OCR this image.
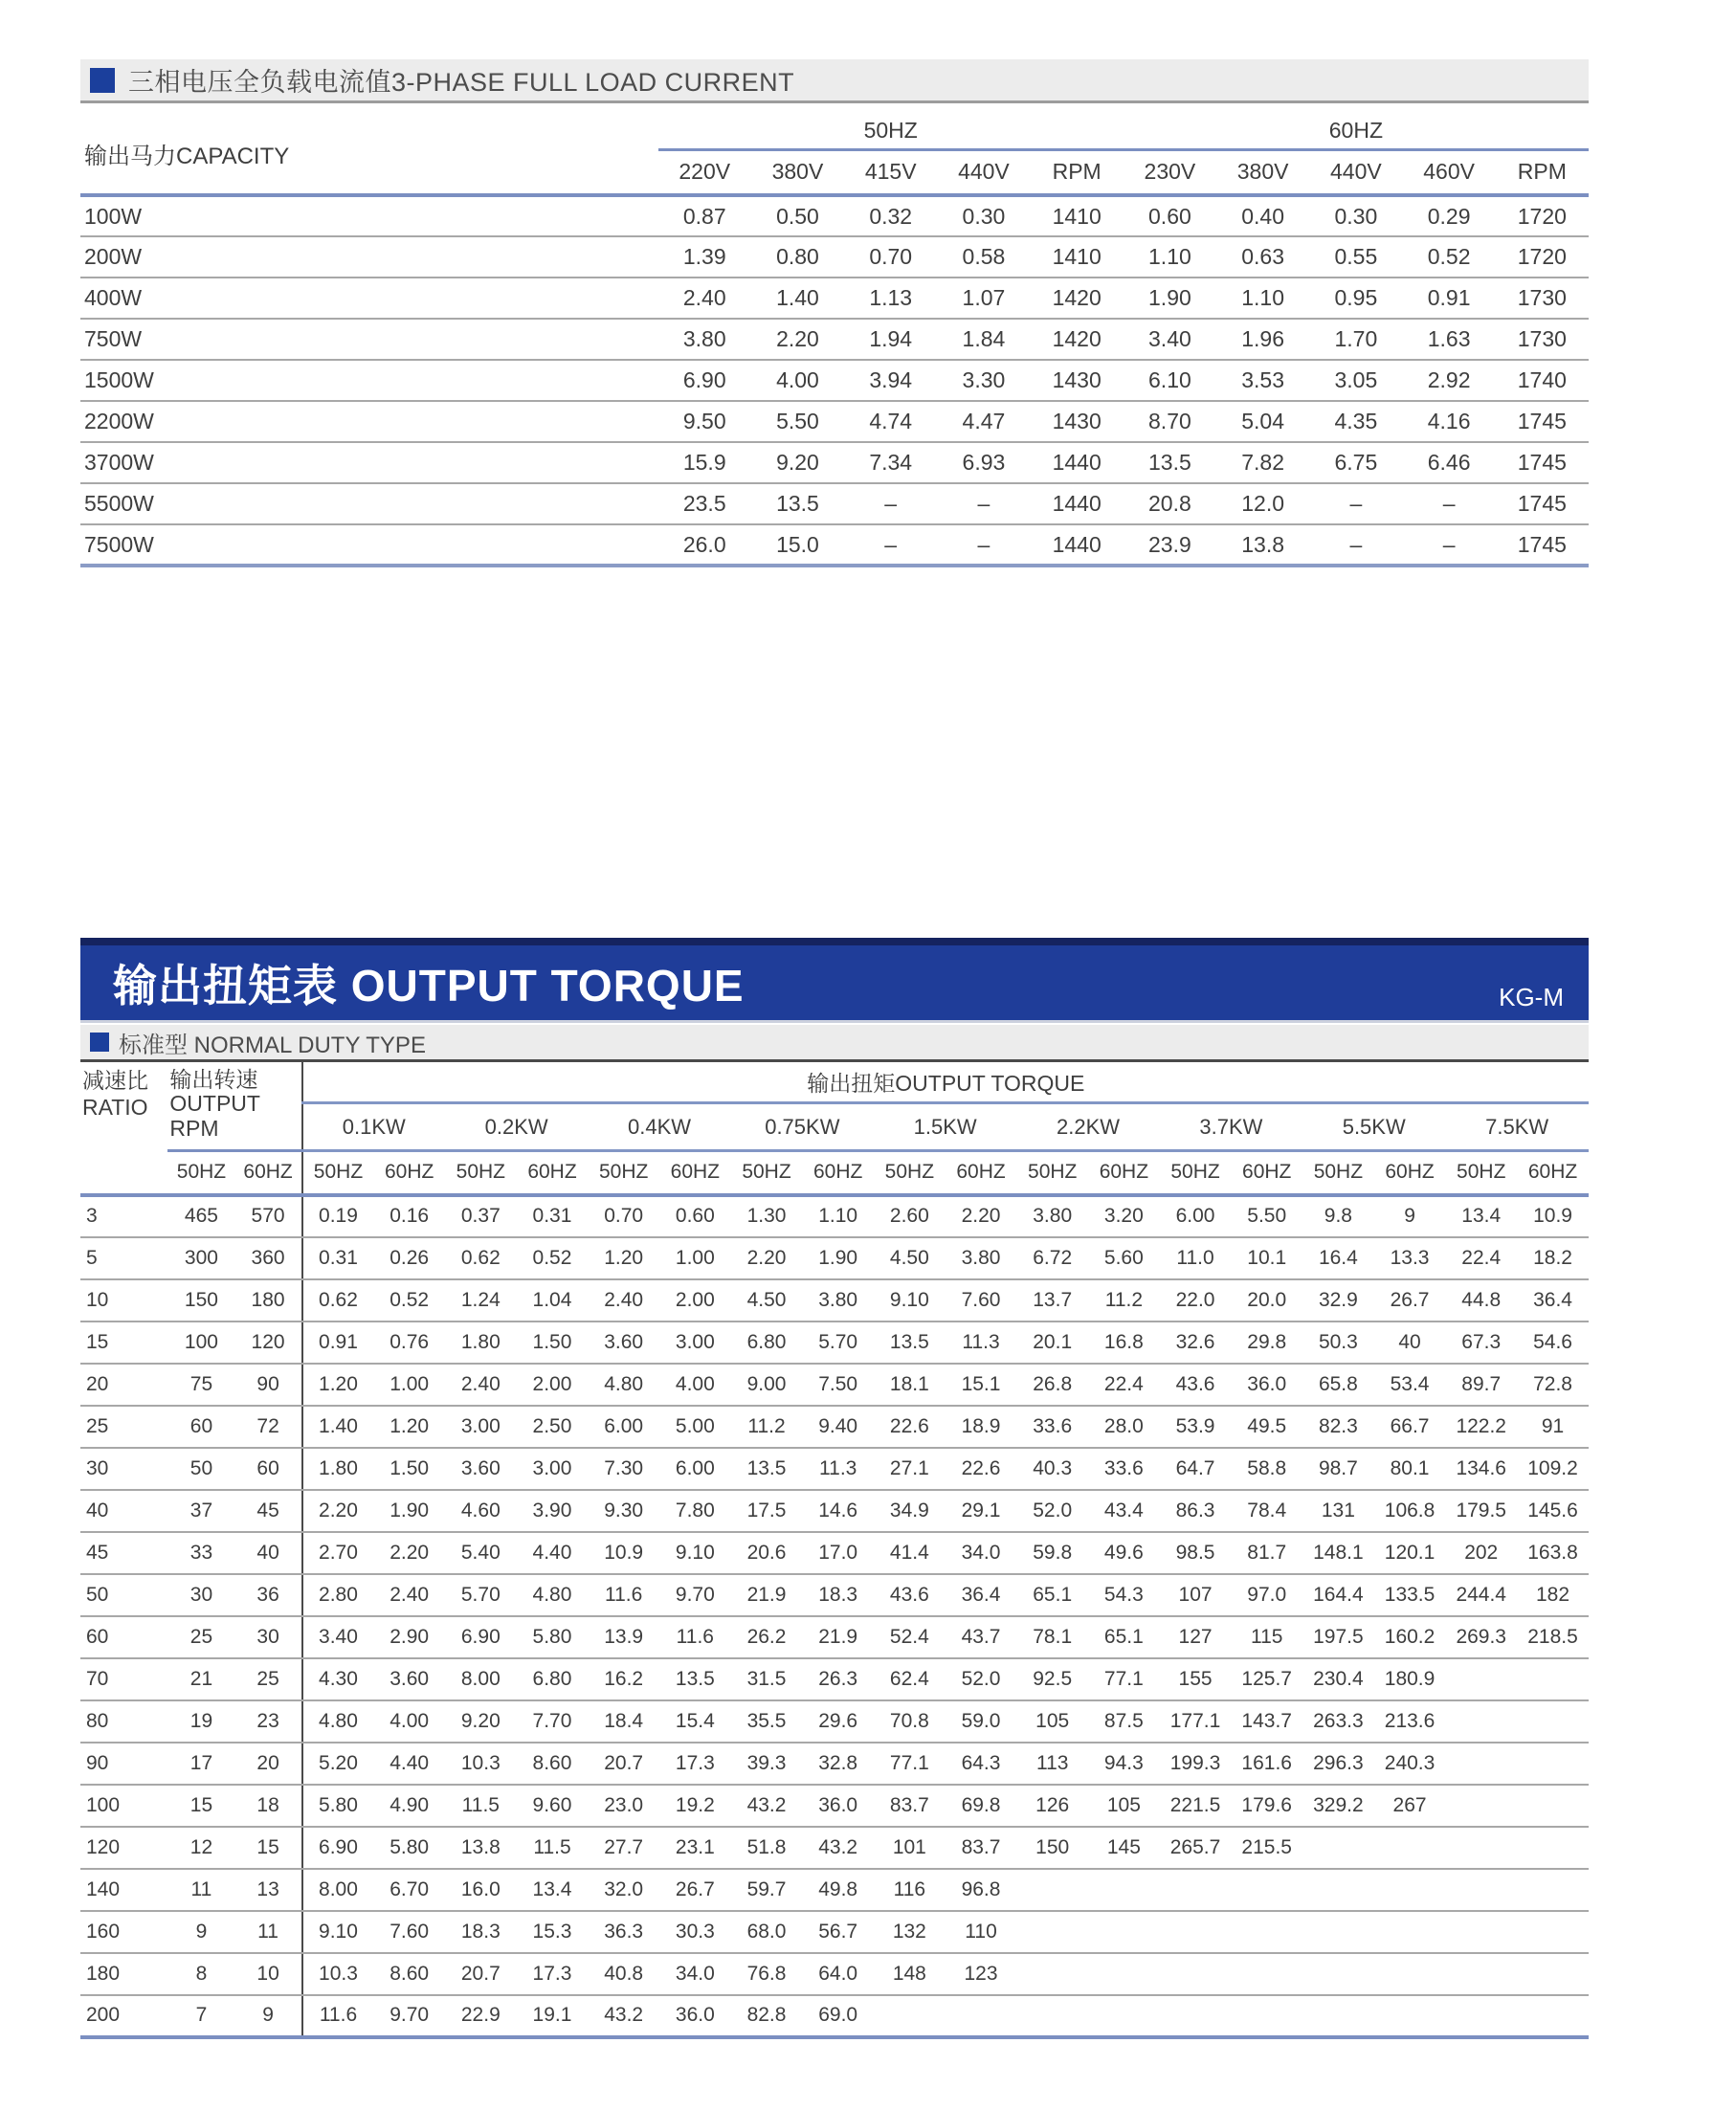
三相电压全负载电流值3-PHASE FULL LOAD CURRENT
输出马力CAPACITY	50HZ					60HZ				
	220V	380V	415V	440V	RPM	230V	380V	440V	460V	RPM
100W	0.87	0.50	0.32	0.30	1410	0.60	0.40	0.30	0.29	1720
200W	1.39	0.80	0.70	0.58	1410	1.10	0.63	0.55	0.52	1720
400W	2.40	1.40	1.13	1.07	1420	1.90	1.10	0.95	0.91	1730
750W	3.80	2.20	1.94	1.84	1420	3.40	1.96	1.70	1.63	1730
1500W	6.90	4.00	3.94	3.30	1430	6.10	3.53	3.05	2.92	1740
2200W	9.50	5.50	4.74	4.47	1430	8.70	5.04	4.35	4.16	1745
3700W	15.9	9.20	7.34	6.93	1440	13.5	7.82	6.75	6.46	1745
5500W	23.5	13.5	–	–	1440	20.8	12.0	–	–	1745
7500W	26.0	15.0	–	–	1440	23.9	13.8	–	–	1745
输出扭矩表 OUTPUT TORQUE	KG-M
标准型 NORMAL DUTY TYPE
减速比
RATIO	输出转速
OUTPUT
RPM		输出扭矩OUTPUT TORQUE																	
			0.1KW		0.2KW		0.4KW		0.75KW		1.5KW		2.2KW		3.7KW		5.5KW		7.5KW	
	50HZ	60HZ	50HZ	60HZ	50HZ	60HZ	50HZ	60HZ	50HZ	60HZ	50HZ	60HZ	50HZ	60HZ	50HZ	60HZ	50HZ	60HZ	50HZ	60HZ
3	465	570	0.19	0.16	0.37	0.31	0.70	0.60	1.30	1.10	2.60	2.20	3.80	3.20	6.00	5.50	9.8	9	13.4	10.9
5	300	360	0.31	0.26	0.62	0.52	1.20	1.00	2.20	1.90	4.50	3.80	6.72	5.60	11.0	10.1	16.4	13.3	22.4	18.2
10	150	180	0.62	0.52	1.24	1.04	2.40	2.00	4.50	3.80	9.10	7.60	13.7	11.2	22.0	20.0	32.9	26.7	44.8	36.4
15	100	120	0.91	0.76	1.80	1.50	3.60	3.00	6.80	5.70	13.5	11.3	20.1	16.8	32.6	29.8	50.3	40	67.3	54.6
20	75	90	1.20	1.00	2.40	2.00	4.80	4.00	9.00	7.50	18.1	15.1	26.8	22.4	43.6	36.0	65.8	53.4	89.7	72.8
25	60	72	1.40	1.20	3.00	2.50	6.00	5.00	11.2	9.40	22.6	18.9	33.6	28.0	53.9	49.5	82.3	66.7	122.2	91
30	50	60	1.80	1.50	3.60	3.00	7.30	6.00	13.5	11.3	27.1	22.6	40.3	33.6	64.7	58.8	98.7	80.1	134.6	109.2
40	37	45	2.20	1.90	4.60	3.90	9.30	7.80	17.5	14.6	34.9	29.1	52.0	43.4	86.3	78.4	131	106.8	179.5	145.6
45	33	40	2.70	2.20	5.40	4.40	10.9	9.10	20.6	17.0	41.4	34.0	59.8	49.6	98.5	81.7	148.1	120.1	202	163.8
50	30	36	2.80	2.40	5.70	4.80	11.6	9.70	21.9	18.3	43.6	36.4	65.1	54.3	107	97.0	164.4	133.5	244.4	182
60	25	30	3.40	2.90	6.90	5.80	13.9	11.6	26.2	21.9	52.4	43.7	78.1	65.1	127	115	197.5	160.2	269.3	218.5
70	21	25	4.30	3.60	8.00	6.80	16.2	13.5	31.5	26.3	62.4	52.0	92.5	77.1	155	125.7	230.4	180.9		
80	19	23	4.80	4.00	9.20	7.70	18.4	15.4	35.5	29.6	70.8	59.0	105	87.5	177.1	143.7	263.3	213.6		
90	17	20	5.20	4.40	10.3	8.60	20.7	17.3	39.3	32.8	77.1	64.3	113	94.3	199.3	161.6	296.3	240.3		
100	15	18	5.80	4.90	11.5	9.60	23.0	19.2	43.2	36.0	83.7	69.8	126	105	221.5	179.6	329.2	267		
120	12	15	6.90	5.80	13.8	11.5	27.7	23.1	51.8	43.2	101	83.7	150	145	265.7	215.5				
140	11	13	8.00	6.70	16.0	13.4	32.0	26.7	59.7	49.8	116	96.8								
160	9	11	9.10	7.60	18.3	15.3	36.3	30.3	68.0	56.7	132	110								
180	8	10	10.3	8.60	20.7	17.3	40.8	34.0	76.8	64.0	148	123								
200	7	9	11.6	9.70	22.9	19.1	43.2	36.0	82.8	69.0										
